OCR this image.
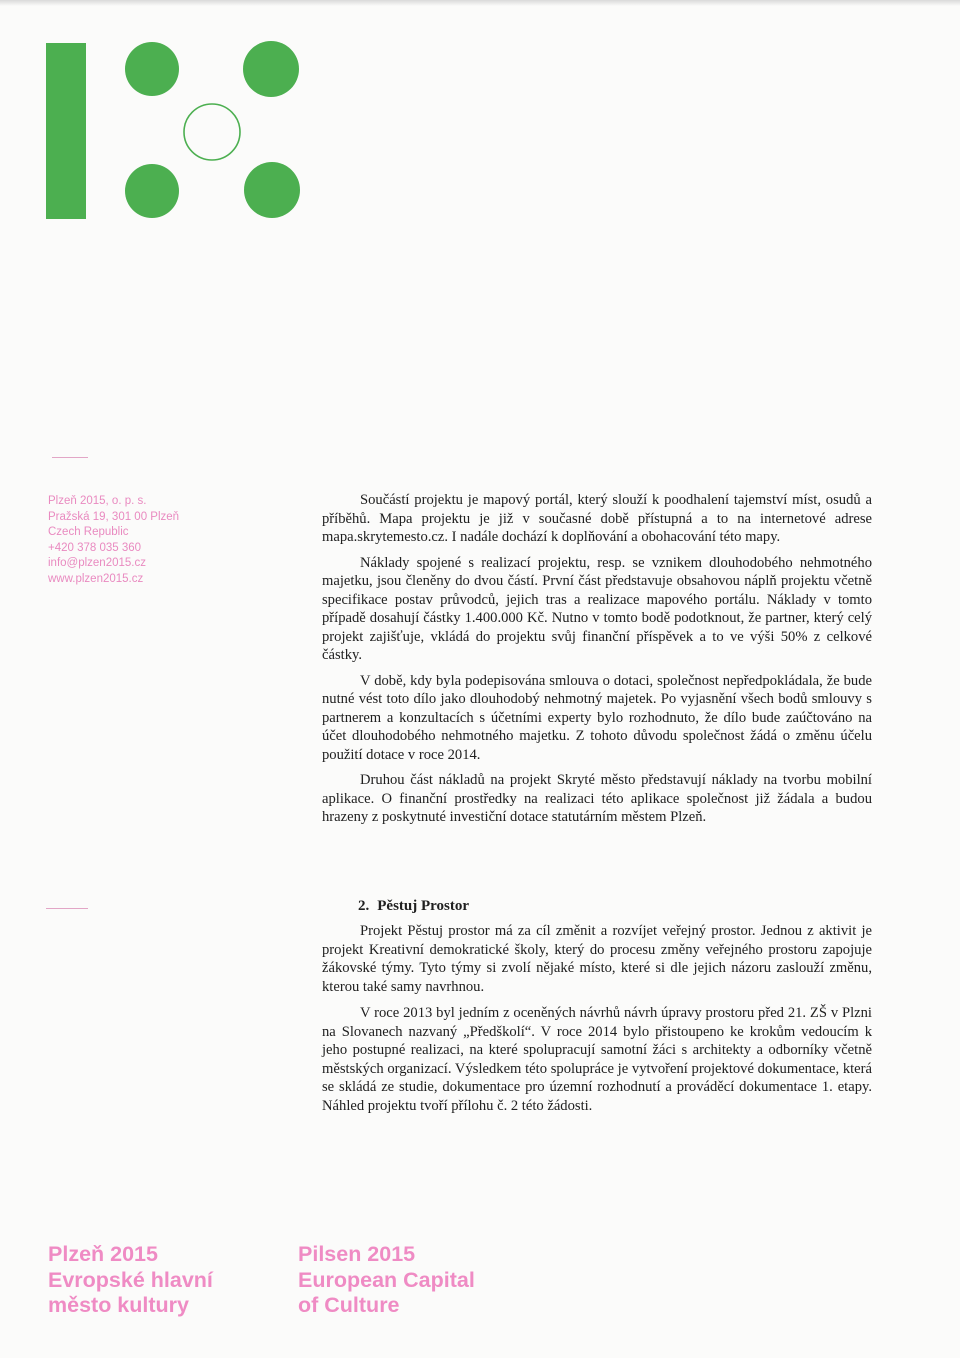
Plzeň 2015, o. p. s.
Pražská 19, 301 00 Plzeň
Czech Republic
+420 378 035 360
info@plzen2015.cz
www.plzen2015.cz

Součástí projektu je mapový portál, který slouží k poodhalení tajemství míst, osudů a příběhů. Mapa projektu je již v současné době přístupná a to na internetové adrese mapa.skrytemesto.cz. I nadále dochází k doplňování a obohacování této mapy.

Náklady spojené s realizací projektu, resp. se vznikem dlouhodobého nehmotného majetku, jsou členěny do dvou částí. První část představuje obsahovou náplň projektu včetně specifikace postav průvodců, jejich tras a realizace mapového portálu. Náklady v tomto případě dosahují částky 1.400.000 Kč. Nutno v tomto bodě podotknout, že partner, který celý projekt zajišťuje, vkládá do projektu svůj finanční příspěvek a to ve výši 50% z celkové částky.

V době, kdy byla podepisována smlouva o dotaci, společnost nepředpokládala, že bude nutné vést toto dílo jako dlouhodobý nehmotný majetek. Po vyjasnění všech bodů smlouvy s partnerem a konzultacích s účetními experty bylo rozhodnuto, že dílo bude zaúčtováno na účet dlouhodobého nehmotného majetku. Z tohoto důvodu společnost žádá o změnu účelu použití dotace v roce 2014.

Druhou část nákladů na projekt Skryté město představují náklady na tvorbu mobilní aplikace. O finanční prostředky na realizaci této aplikace společnost již žádala a budou hrazeny z poskytnuté investiční dotace statutárním městem Plzeň.

2. Pěstuj Prostor

Projekt Pěstuj prostor má za cíl změnit a rozvíjet veřejný prostor. Jednou z aktivit je projekt Kreativní demokratické školy, který do procesu změny veřejného prostoru zapojuje žákovské týmy. Tyto týmy si zvolí nějaké místo, které si dle jejich názoru zaslouží změnu, kterou také samy navrhnou.

V roce 2013 byl jedním z oceněných návrhů návrh úpravy prostoru před 21. ZŠ v Plzni na Slovanech nazvaný „Předškolí“. V roce 2014 bylo přistoupeno ke krokům vedoucím k jeho postupné realizaci, na které spolupracují samotní žáci s architekty a odborníky včetně městských organizací. Výsledkem této spolupráce je vytvoření projektové dokumentace, která se skládá ze studie, dokumentace pro územní rozhodnutí a prováděcí dokumentace 1. etapy. Náhled projektu tvoří přílohu č. 2 této žádosti.

Plzeň 2015
Evropské hlavní
město kultury
Pilsen 2015
European Capital
of Culture
